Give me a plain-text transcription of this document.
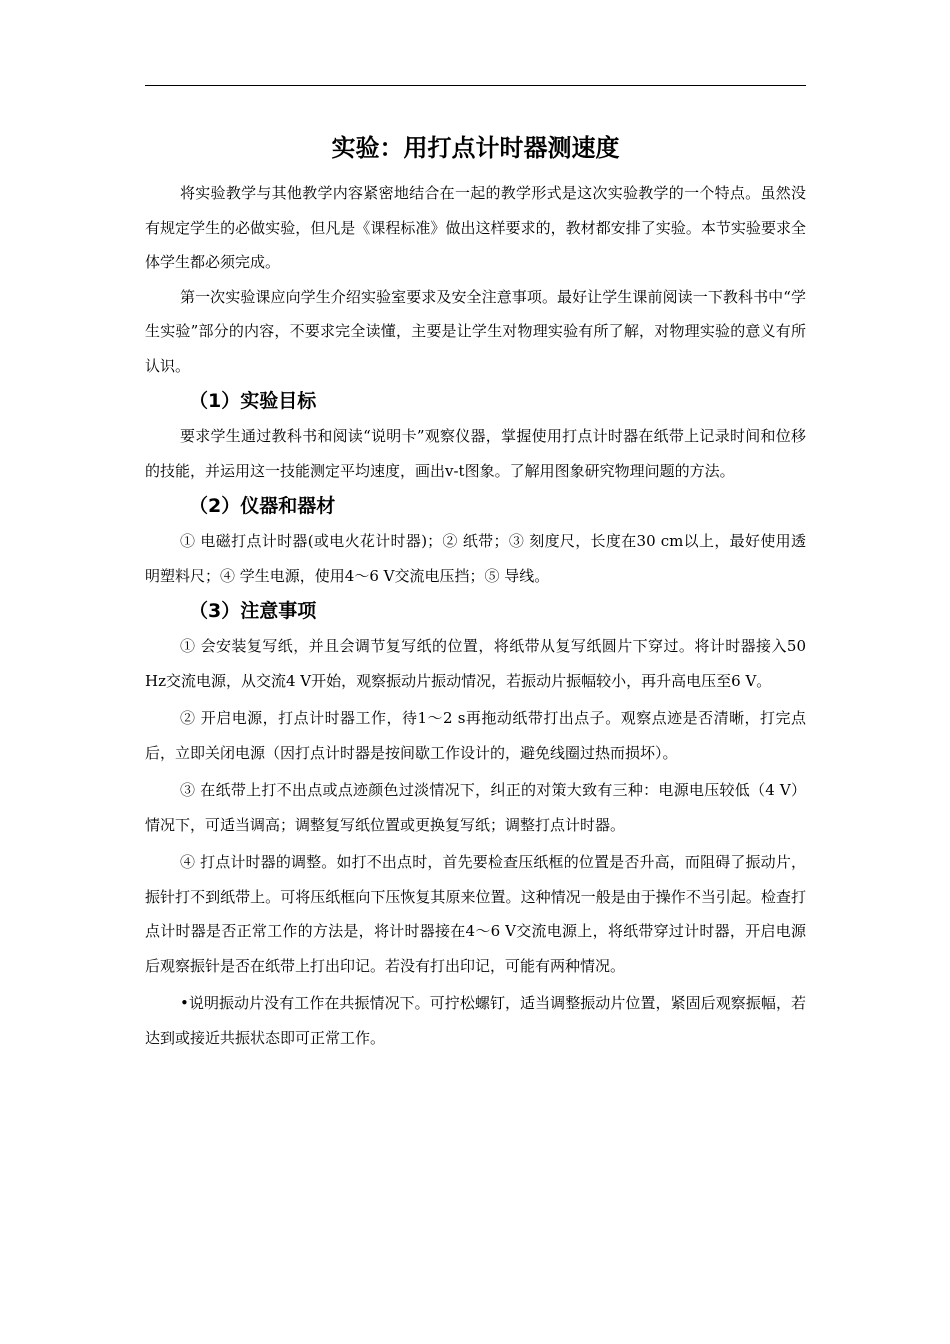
实验：用打点计时器测速度

将实验教学与其他教学内容紧密地结合在一起的教学形式是这次实验教学的一个特点。虽然没有规定学生的必做实验，但凡是《课程标准》做出这样要求的，教材都安排了实验。本节实验要求全体学生都必须完成。

第一次实验课应向学生介绍实验室要求及安全注意事项。最好让学生课前阅读一下教科书中“学生实验”部分的内容，不要求完全读懂，主要是让学生对物理实验有所了解，对物理实验的意义有所认识。

（1）实验目标

要求学生通过教科书和阅读“说明卡”观察仪器，掌握使用打点计时器在纸带上记录时间和位移的技能，并运用这一技能测定平均速度，画出v-t图象。了解用图象研究物理问题的方法。

（2）仪器和器材

① 电磁打点计时器(或电火花计时器)；② 纸带；③ 刻度尺，长度在30 cm以上，最好使用透明塑料尺；④ 学生电源，使用4～6 V交流电压挡；⑤ 导线。

（3）注意事项

① 会安装复写纸，并且会调节复写纸的位置，将纸带从复写纸圆片下穿过。将计时器接入50 Hz交流电源，从交流4 V开始，观察振动片振动情况，若振动片振幅较小，再升高电压至6 V。

② 开启电源，打点计时器工作，待1～2 s再拖动纸带打出点子。观察点迹是否清晰，打完点后，立即关闭电源（因打点计时器是按间歇工作设计的，避免线圈过热而损坏）。

③ 在纸带上打不出点或点迹颜色过淡情况下，纠正的对策大致有三种：电源电压较低（4 V）情况下，可适当调高；调整复写纸位置或更换复写纸；调整打点计时器。

④ 打点计时器的调整。如打不出点时，首先要检查压纸框的位置是否升高，而阻碍了振动片，振针打不到纸带上。可将压纸框向下压恢复其原来位置。这种情况一般是由于操作不当引起。检查打点计时器是否正常工作的方法是，将计时器接在4～6 V交流电源上，将纸带穿过计时器，开启电源后观察振针是否在纸带上打出印记。若没有打出印记，可能有两种情况。

•说明振动片没有工作在共振情况下。可拧松螺钉，适当调整振动片位置，紧固后观察振幅，若达到或接近共振状态即可正常工作。
